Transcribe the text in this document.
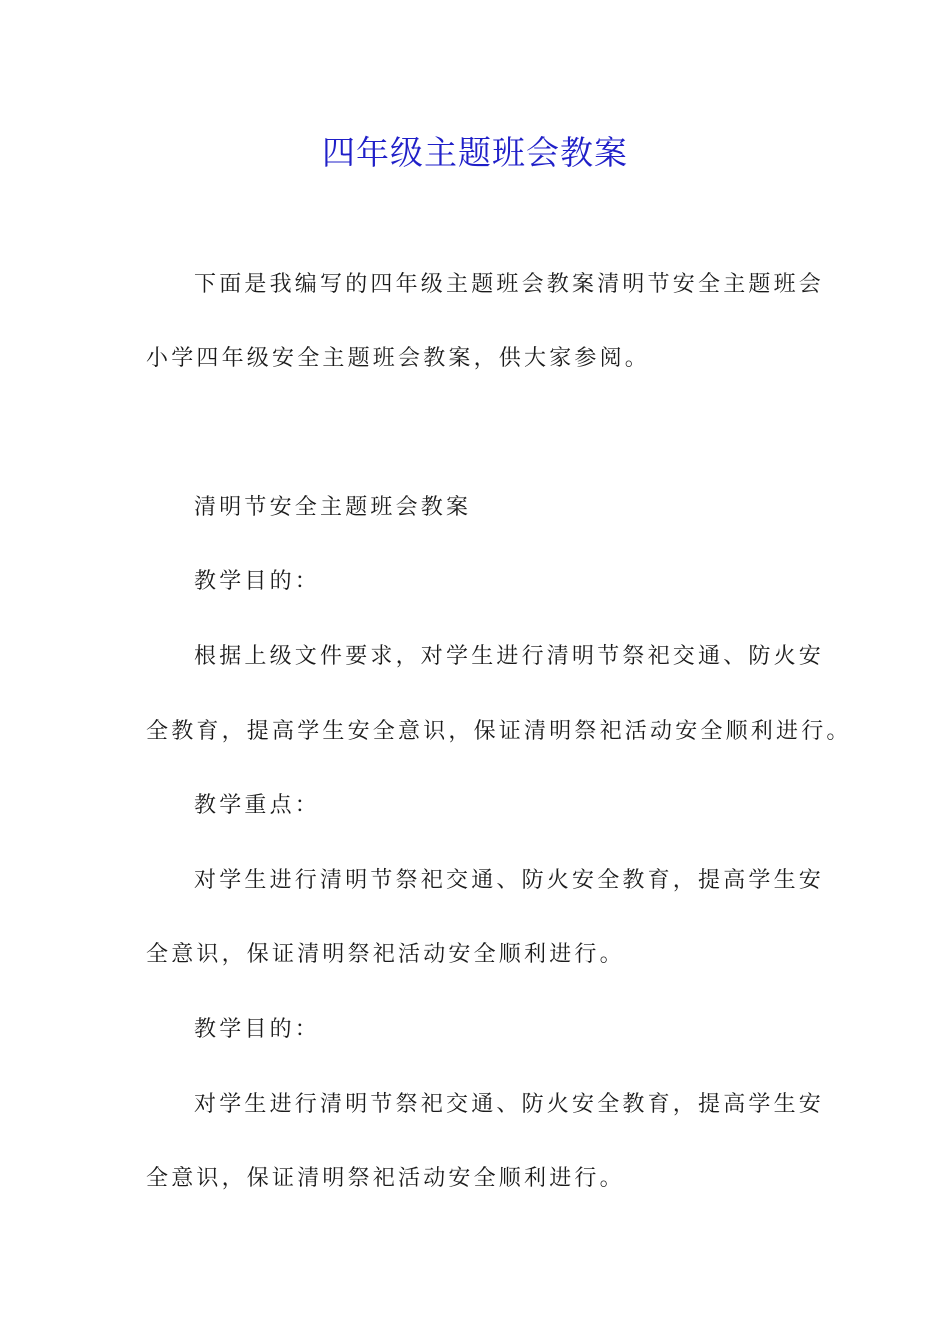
四年级主题班会教案

下面是我编写的四年级主题班会教案清明节安全主题班会

小学四年级安全主题班会教案，供大家参阅。

清明节安全主题班会教案

教学目的：

根据上级文件要求，对学生进行清明节祭祀交通、防火安

全教育，提高学生安全意识，保证清明祭祀活动安全顺利进行。

教学重点：

对学生进行清明节祭祀交通、防火安全教育，提高学生安

全意识，保证清明祭祀活动安全顺利进行。

教学目的：

对学生进行清明节祭祀交通、防火安全教育，提高学生安

全意识，保证清明祭祀活动安全顺利进行。
